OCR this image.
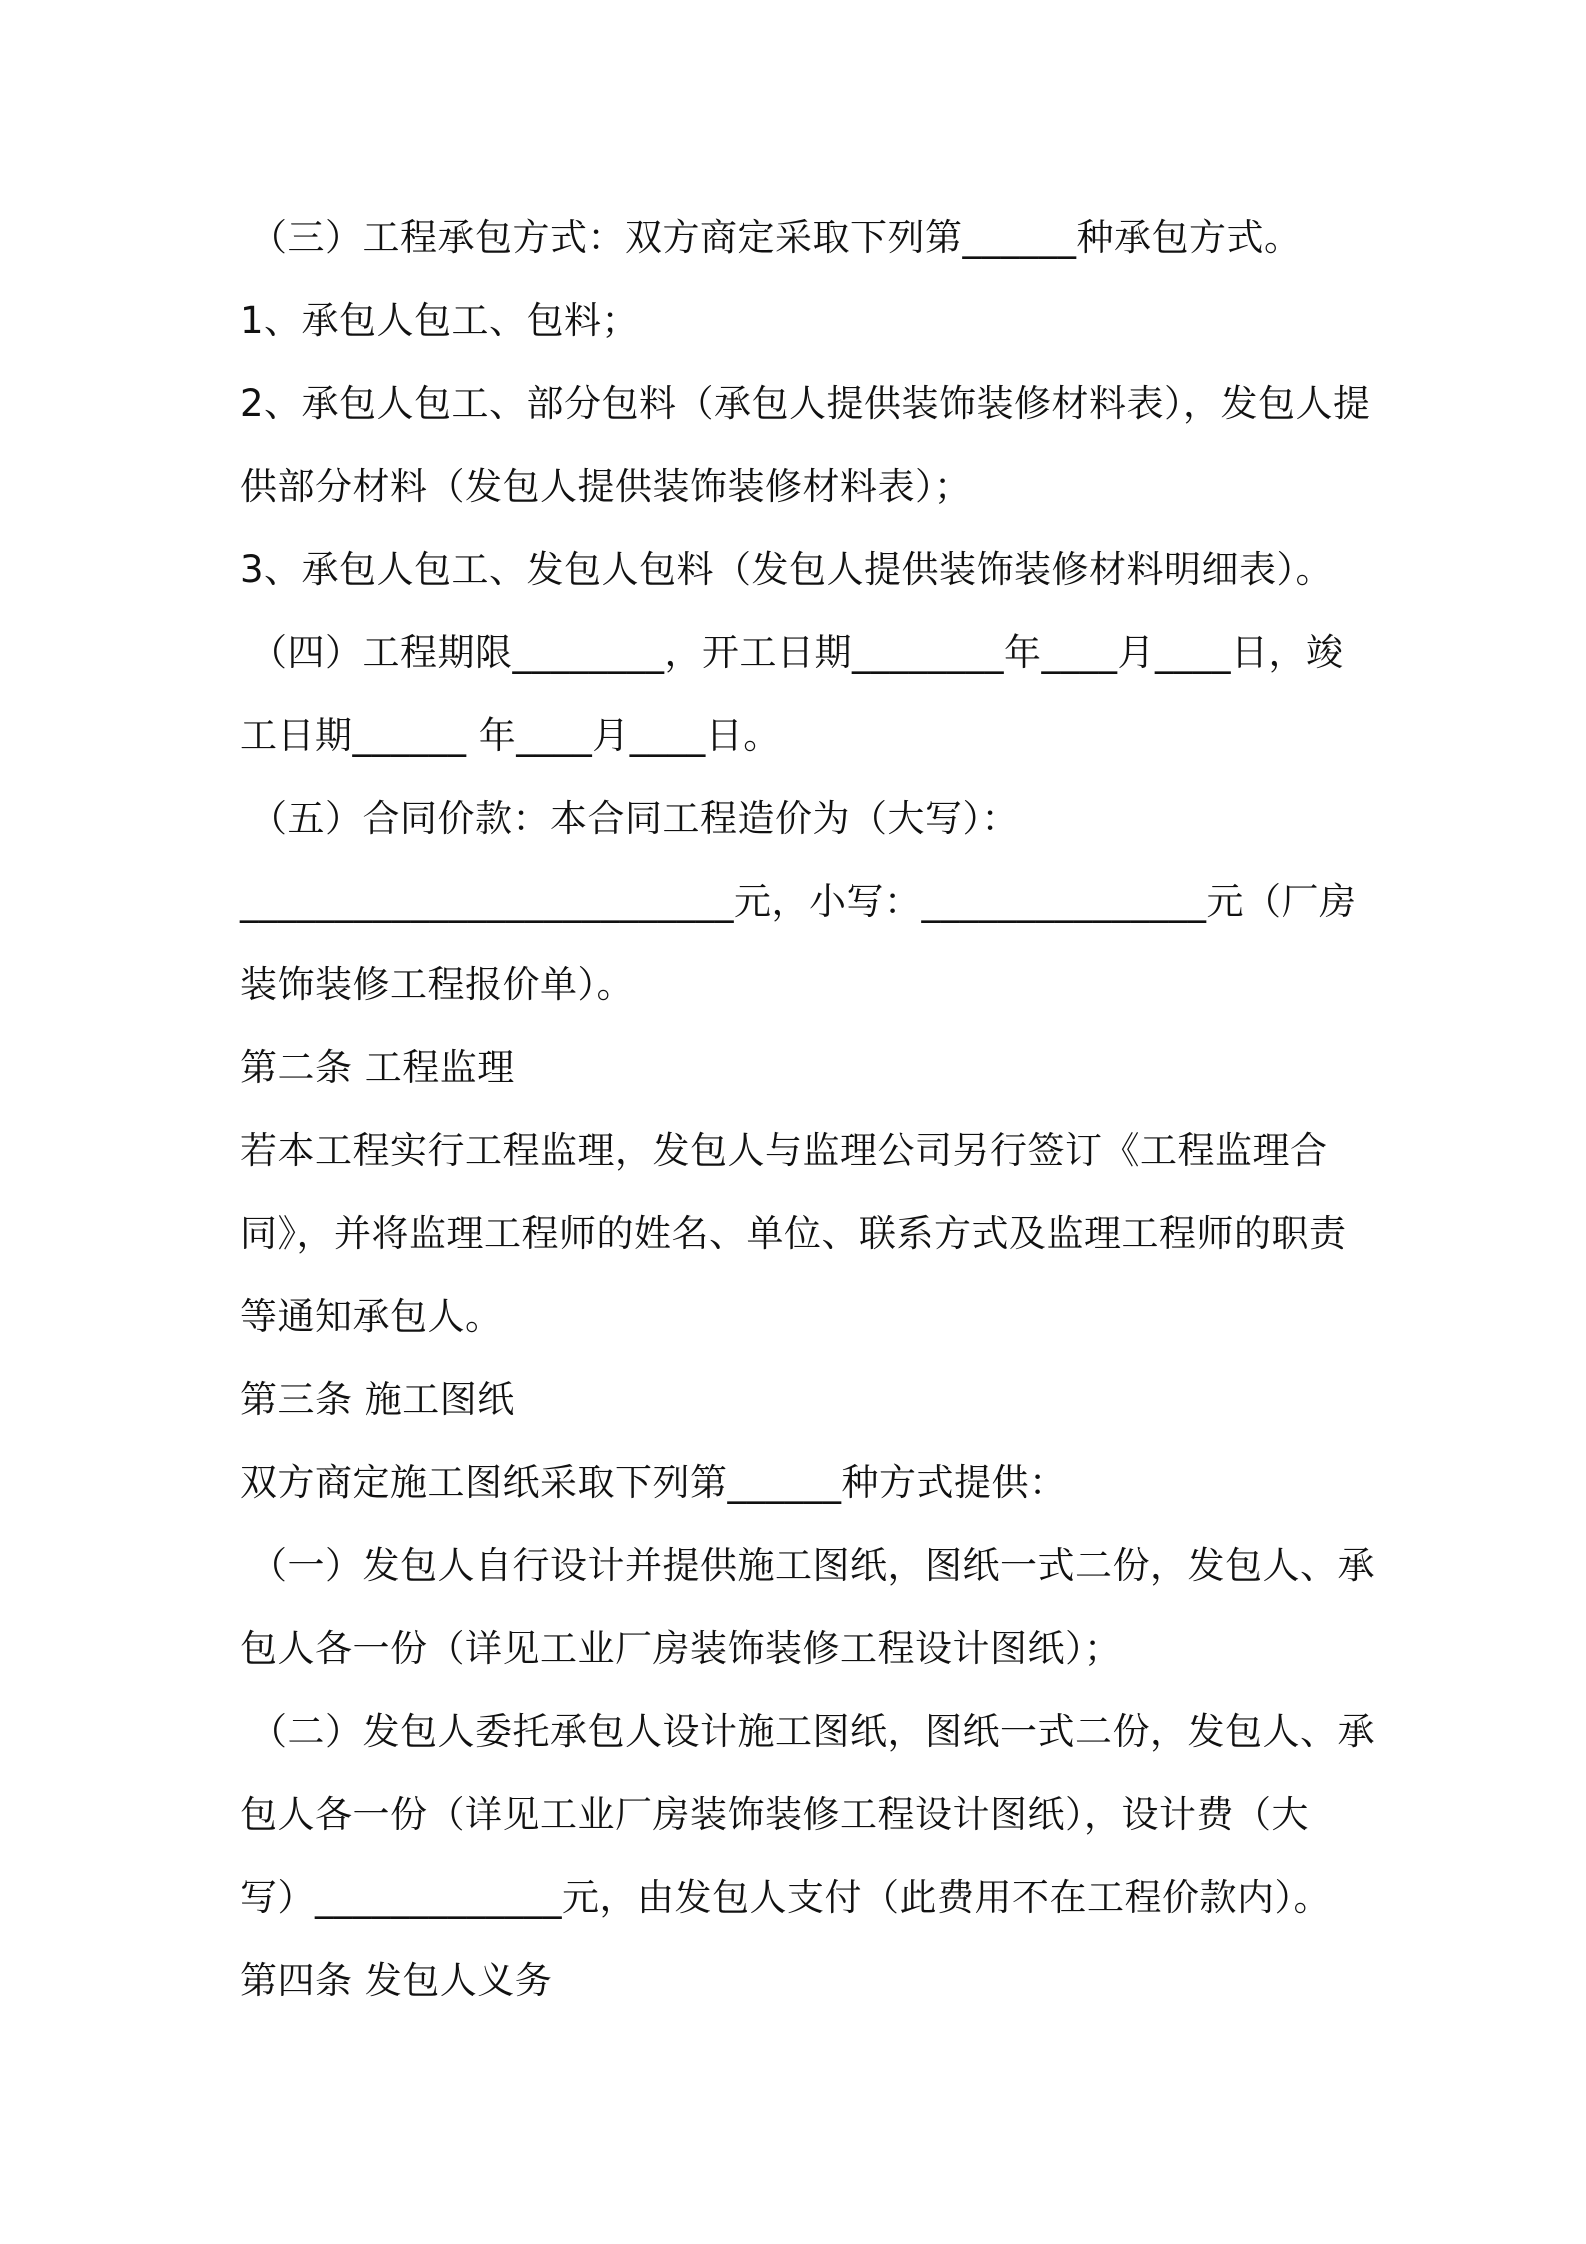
（三）工程承包方式：双方商定采取下列第______种承包方式。
1、承包人包工、包料；
2、承包人包工、部分包料（承包人提供装饰装修材料表），发包人提
供部分材料（发包人提供装饰装修材料表）；
3、承包人包工、发包人包料（发包人提供装饰装修材料明细表）。
（四）工程期限________，开工日期________年____月____日，竣
工日期______ 年____月____日。
（五）合同价款：本合同工程造价为（大写）：
__________________________元，小写：_______________元（厂房
装饰装修工程报价单）。
第二条 工程监理
若本工程实行工程监理，发包人与监理公司另行签订《工程监理合
同》，并将监理工程师的姓名、单位、联系方式及监理工程师的职责
等通知承包人。
第三条 施工图纸
双方商定施工图纸采取下列第______种方式提供：
（一）发包人自行设计并提供施工图纸，图纸一式二份，发包人、承
包人各一份（详见工业厂房装饰装修工程设计图纸）；
（二）发包人委托承包人设计施工图纸，图纸一式二份，发包人、承
包人各一份（详见工业厂房装饰装修工程设计图纸），设计费（大
写）_____________元，由发包人支付（此费用不在工程价款内）。
第四条 发包人义务
